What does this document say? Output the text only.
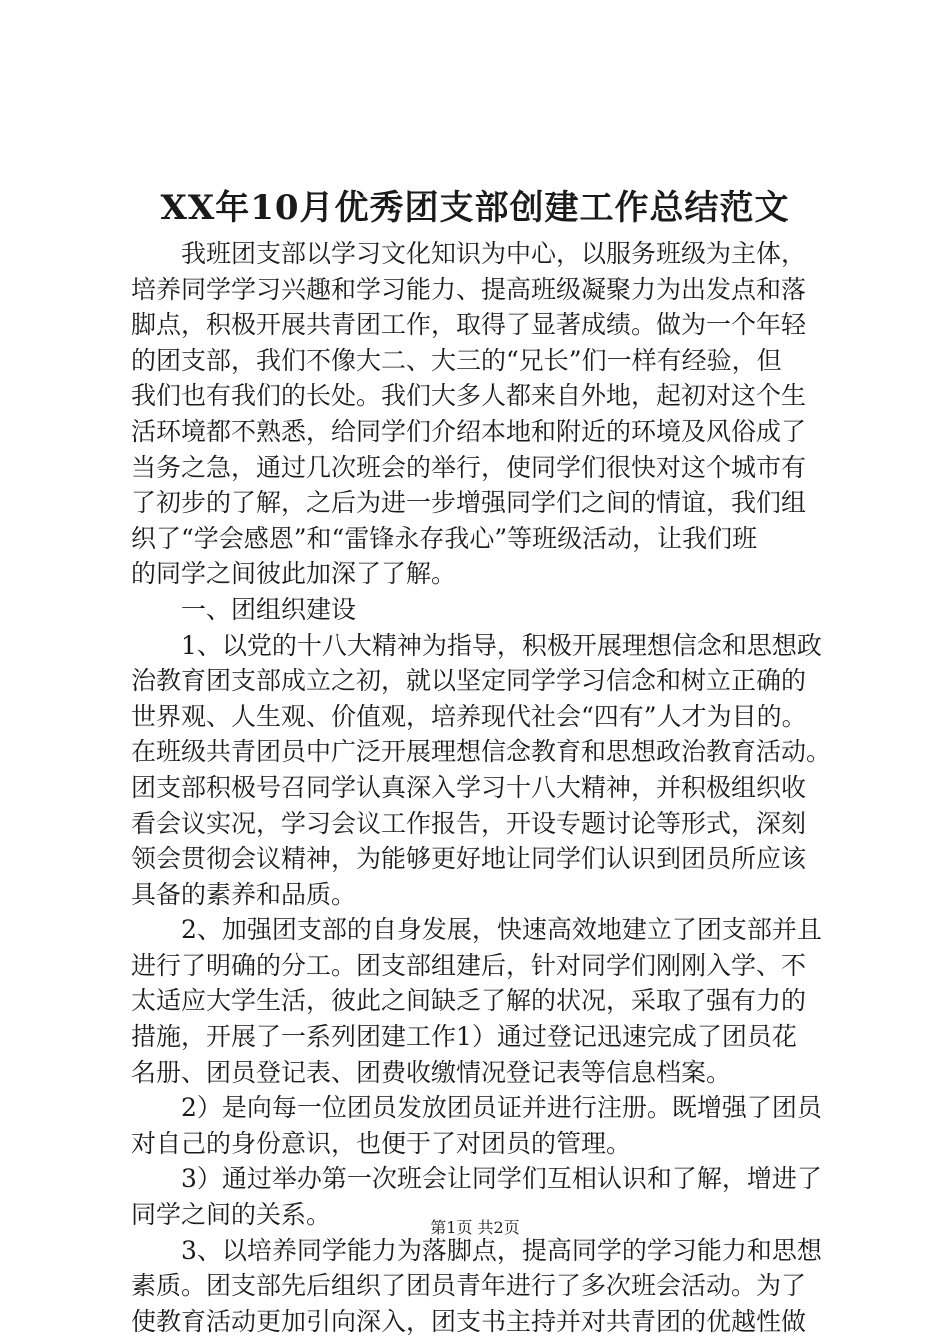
XX年10月优秀团支部创建工作总结范文
　　我班团支部以学习文化知识为中心，以服务班级为主体，
培养同学学习兴趣和学习能力、提高班级凝聚力为出发点和落
脚点，积极开展共青团工作，取得了显著成绩。做为一个年轻
的团支部，我们不像大二、大三的“兄长”们一样有经验，但
我们也有我们的长处。我们大多人都来自外地，起初对这个生
活环境都不熟悉，给同学们介绍本地和附近的环境及风俗成了
当务之急，通过几次班会的举行，使同学们很快对这个城市有
了初步的了解，之后为进一步增强同学们之间的情谊，我们组
织了“学会感恩”和“雷锋永存我心”等班级活动，让我们班
的同学之间彼此加深了了解。
　　一、团组织建设
　　1、以党的十八大精神为指导，积极开展理想信念和思想政
治教育团支部成立之初，就以坚定同学学习信念和树立正确的
世界观、人生观、价值观，培养现代社会“四有”人才为目的。
在班级共青团员中广泛开展理想信念教育和思想政治教育活动。
团支部积极号召同学认真深入学习十八大精神，并积极组织收
看会议实况，学习会议工作报告，开设专题讨论等形式，深刻
领会贯彻会议精神，为能够更好地让同学们认识到团员所应该
具备的素养和品质。
　　2、加强团支部的自身发展，快速高效地建立了团支部并且
进行了明确的分工。团支部组建后，针对同学们刚刚入学、不
太适应大学生活，彼此之间缺乏了解的状况，采取了强有力的
措施，开展了一系列团建工作1）通过登记迅速完成了团员花
名册、团员登记表、团费收缴情况登记表等信息档案。
　　2）是向每一位团员发放团员证并进行注册。既增强了团员
对自己的身份意识，也便于了对团员的管理。
　　3）通过举办第一次班会让同学们互相认识和了解，增进了
同学之间的关系。
　　3、以培养同学能力为落脚点，提高同学的学习能力和思想
素质。团支部先后组织了团员青年进行了多次班会活动。为了
使教育活动更加引向深入，团支书主持并对共青团的优越性做
第1页 共2页
